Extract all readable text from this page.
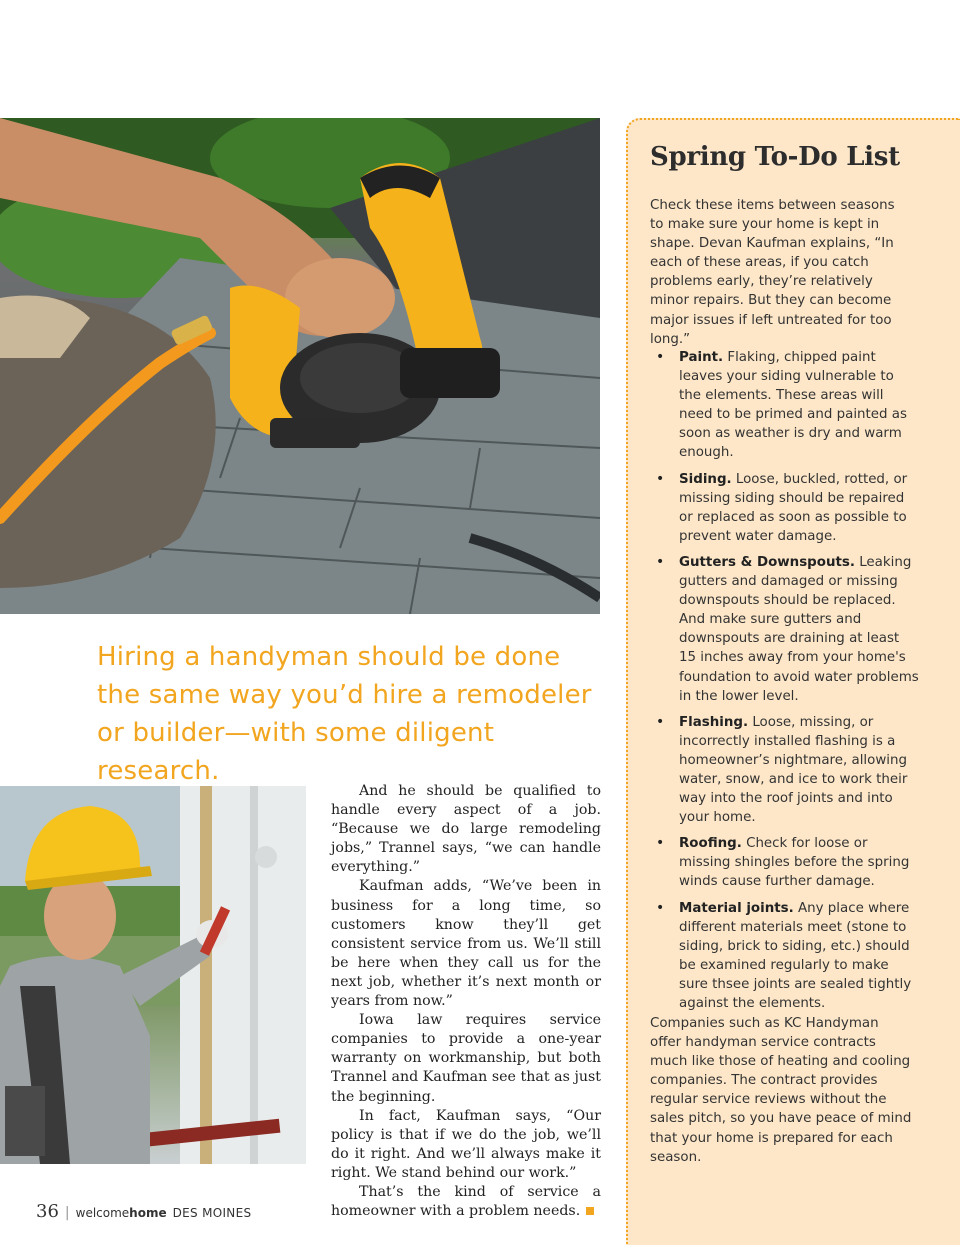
Hiring a handyman should be done the same way you’d hire a remodeler or builder—with some diligent research.

And he should be qualified to handle every aspect of a job. “Because we do large remodeling jobs,” Trannel says, “we can handle everything.”

Kaufman adds, “We’ve been in business for a long time, so customers know they’ll get consistent service from us. We’ll still be here when they call us for the next job, whether it’s next month or years from now.”

Iowa law requires service companies to provide a one-year warranty on workmanship, but both Trannel and Kaufman see that as just the beginning.

In fact, Kaufman says, “Our policy is that if we do the job, we’ll do it right. And we’ll always make it right. We stand behind our work.”

That’s the kind of service a homeowner with a problem needs.

36 | welcomehome DES MOINES
Spring To-Do List

Check these items between seasons to make sure your home is kept in shape. Devan Kaufman explains, “In each of these areas, if you catch problems early, they’re relatively minor repairs. But they can become major issues if left untreated for too long.”

• Paint. Flaking, chipped paint leaves your siding vulnerable to the elements. These areas will need to be primed and painted as soon as weather is dry and warm enough.
• Siding. Loose, buckled, rotted, or missing siding should be repaired or replaced as soon as possible to prevent water damage.
• Gutters & Downspouts. Leaking gutters and damaged or missing downspouts should be replaced. And make sure gutters and downspouts are draining at least 15 inches away from your home's foundation to avoid water problems in the lower level.
• Flashing. Loose, missing, or incorrectly installed flashing is a homeowner’s nightmare, allowing water, snow, and ice to work their way into the roof joints and into your home.
• Roofing. Check for loose or missing shingles before the spring winds cause further damage.
• Material joints. Any place where different materials meet (stone to siding, brick to siding, etc.) should be examined regularly to make sure thsee joints are sealed tightly against the elements.

Companies such as KC Handyman offer handyman service contracts much like those of heating and cooling companies. The contract provides regular service reviews without the sales pitch, so you have peace of mind that your home is prepared for each season.
